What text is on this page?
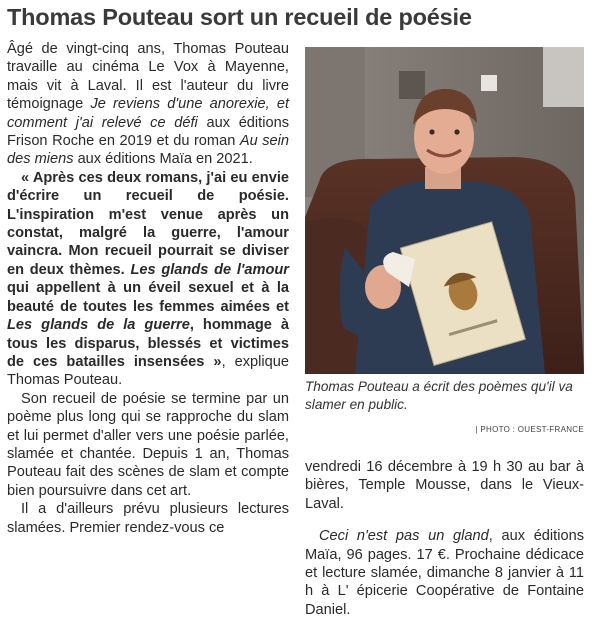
Thomas Pouteau sort un recueil de poésie

Âgé de vingt-cinq ans, Thomas Pouteau travaille au cinéma Le Vox à Mayenne, mais vit à Laval. Il est l'auteur du livre témoignage Je reviens d'une anorexie, et comment j'ai relevé ce défi aux éditions Frison Roche en 2019 et du roman Au sein des miens aux éditions Maïa en 2021.

« Après ces deux romans, j'ai eu envie d'écrire un recueil de poésie. L'inspiration m'est venue après un constat, malgré la guerre, l'amour vaincra. Mon recueil pourrait se diviser en deux thèmes. Les glands de l'amour qui appellent à un éveil sexuel et à la beauté de toutes les femmes aimées et Les glands de la guerre, hommage à tous les disparus, blessés et victimes de ces batailles insensées », explique Thomas Pouteau.

Son recueil de poésie se termine par un poème plus long qui se rapproche du slam et lui permet d'aller vers une poésie parlée, slamée et chantée. Depuis 1 an, Thomas Pouteau fait des scènes de slam et compte bien poursuivre dans cet art.

Il a d'ailleurs prévu plusieurs lectures slamées. Premier rendez-vous ce

Thomas Pouteau a écrit des poèmes qu'il va slamer en public.
| PHOTO : OUEST-FRANCE

vendredi 16 décembre à 19 h 30 au bar à bières, Temple Mousse, dans le Vieux-Laval.

Ceci n'est pas un gland, aux éditions Maïa, 96 pages. 17 €. Prochaine dédicace et lecture slamée, dimanche 8 janvier à 11 h à L' épicerie Coopérative de Fontaine Daniel.
